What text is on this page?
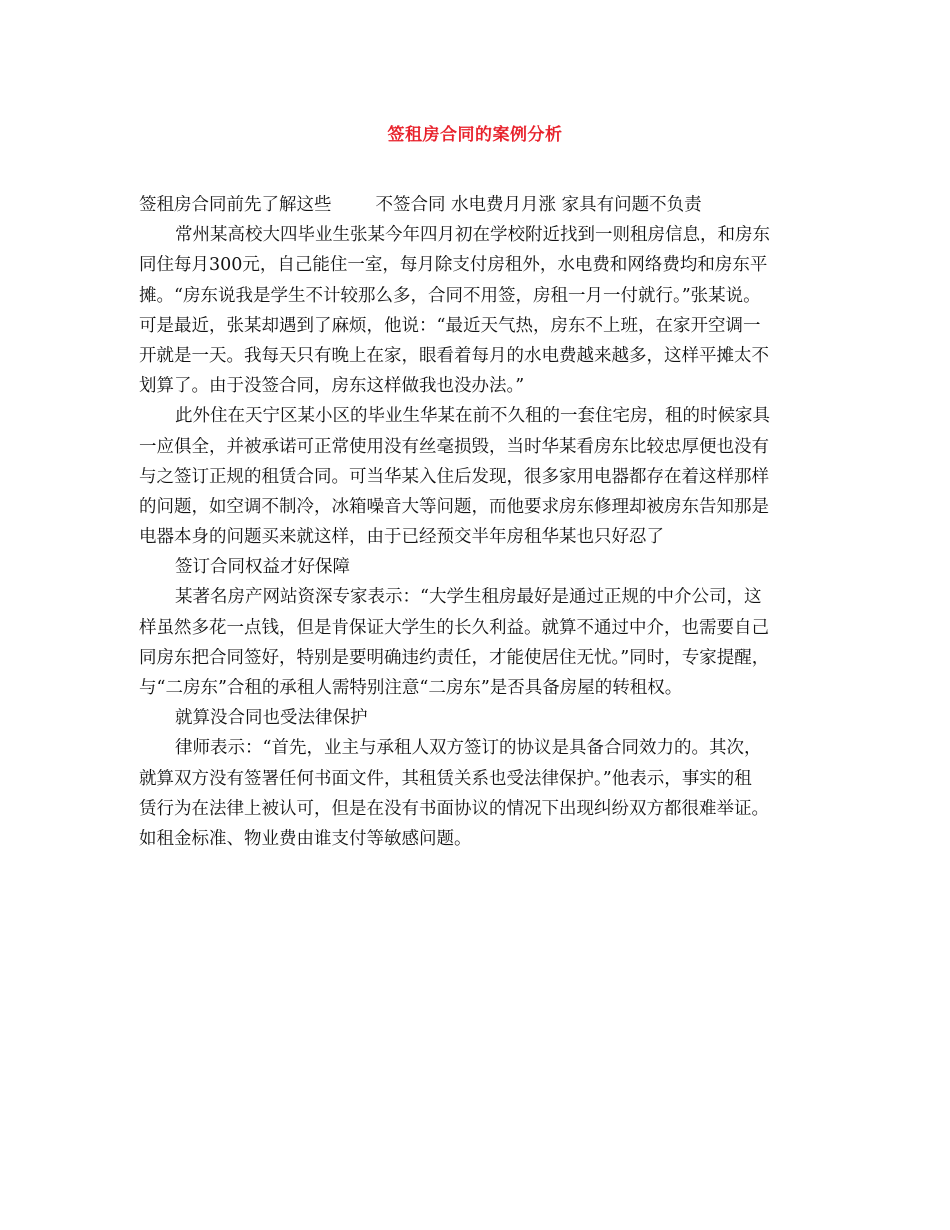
签租房合同的案例分析
签租房合同前先了解这些	不签合同 水电费月月涨 家具有问题不负责
常州某高校大四毕业生张某今年四月初在学校附近找到一则租房信息，和房东
同住每月300元，自己能住一室，每月除支付房租外，水电费和网络费均和房东平
摊。“房东说我是学生不计较那么多，合同不用签，房租一月一付就行。”张某说。
可是最近，张某却遇到了麻烦，他说：“最近天气热，房东不上班，在家开空调一
开就是一天。我每天只有晚上在家，眼看着每月的水电费越来越多，这样平摊太不
划算了。由于没签合同，房东这样做我也没办法。”
此外住在天宁区某小区的毕业生华某在前不久租的一套住宅房，租的时候家具
一应俱全，并被承诺可正常使用没有丝毫损毁，当时华某看房东比较忠厚便也没有
与之签订正规的租赁合同。可当华某入住后发现，很多家用电器都存在着这样那样
的问题，如空调不制冷，冰箱噪音大等问题，而他要求房东修理却被房东告知那是
电器本身的问题买来就这样，由于已经预交半年房租华某也只好忍了
签订合同权益才好保障
某著名房产网站资深专家表示：“大学生租房最好是通过正规的中介公司，这
样虽然多花一点钱，但是肯保证大学生的长久利益。就算不通过中介，也需要自己
同房东把合同签好，特别是要明确违约责任，才能使居住无忧。”同时，专家提醒，
与“二房东”合租的承租人需特别注意“二房东”是否具备房屋的转租权。
就算没合同也受法律保护
律师表示：“首先，业主与承租人双方签订的协议是具备合同效力的。其次，
就算双方没有签署任何书面文件，其租赁关系也受法律保护。”他表示，事实的租
赁行为在法律上被认可，但是在没有书面协议的情况下出现纠纷双方都很难举证。
如租金标准、物业费由谁支付等敏感问题。
